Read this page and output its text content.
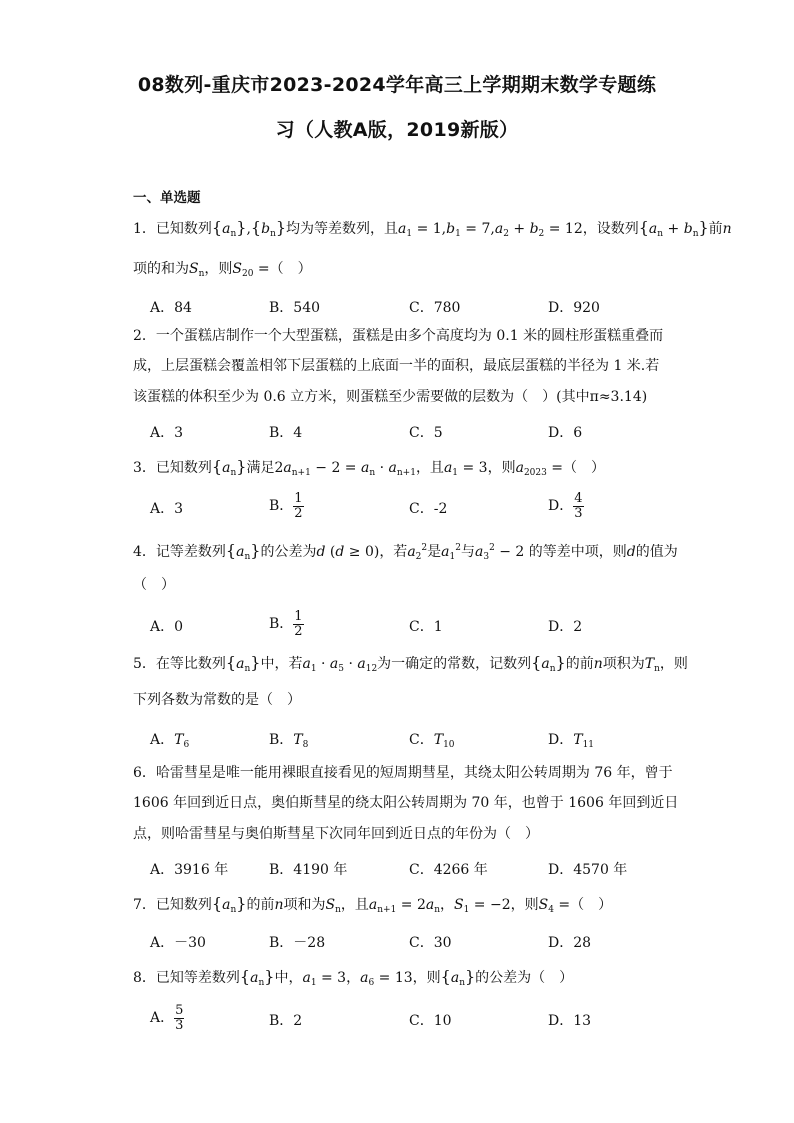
08数列-重庆市2023-2024学年高三上学期期末数学专题练
习（人教A版，2019新版）
一、单选题
1．已知数列$\{a_n\},\{b_n\}$均为等差数列，且$a_1 = 1,b_1 = 7,a_2 + b_2 = 12$，设数列$\{a_n + b_n\}$前n
项的和为$S_n$，则$S_{20}$ =（　）
A．84	B．540	C．780	D．920
2．一个蛋糕店制作一个大型蛋糕，蛋糕是由多个高度均为 0.1 米的圆柱形蛋糕重叠而
成，上层蛋糕会覆盖相邻下层蛋糕的上底面一半的面积，最底层蛋糕的半径为 1 米.若
该蛋糕的体积至少为 0.6 立方米，则蛋糕至少需要做的层数为（　）(其中π≈3.14)
A．3	B．4	C．5	D．6
3．已知数列$\{a_n\}$满足$2a_{n+1} - 2 = a_n \cdot a_{n+1}$，且$a_1 = 3$，则$a_{2023}$ =（　）
A．3	B． $\frac{1}{2}$	C．-2	D． $\frac{4}{3}$
4．记等差数列$\{a_n\}$的公差为d (d ≥ 0)，若$a_2^2$是$a_1^2$与$a_3^2 - 2$ 的等差中项，则d的值为
（　）
A．0	B． $\frac{1}{2}$	C．1	D．2
5．在等比数列$\{a_n\}$中，若$a_1 \cdot a_5 \cdot a_{12}$为一确定的常数，记数列$\{a_n\}$的前n项积为$T_n$，则
下列各数为常数的是（　）
A．$T_6$	B．$T_8$	C．$T_{10}$	D．$T_{11}$
6．哈雷彗星是唯一能用裸眼直接看见的短周期彗星，其绕太阳公转周期为 76 年，曾于
1606 年回到近日点，奥伯斯彗星的绕太阳公转周期为 70 年，也曾于 1606 年回到近日
点，则哈雷彗星与奥伯斯彗星下次同年回到近日点的年份为（　）
A．3916 年	B．4190 年	C．4266 年	D．4570 年
7．已知数列$\{a_n\}$的前n项和为$S_n$，且$a_{n+1} = 2a_n$，$S_1 = -2$，则$S_4$ =（　）
A．－30	B．－28	C．30	D．28
8．已知等差数列$\{a_n\}$中，$a_1 = 3$，$a_6 = 13$，则$\{a_n\}$的公差为（　）
A． $\frac{5}{3}$	B．2	C．10	D．13
